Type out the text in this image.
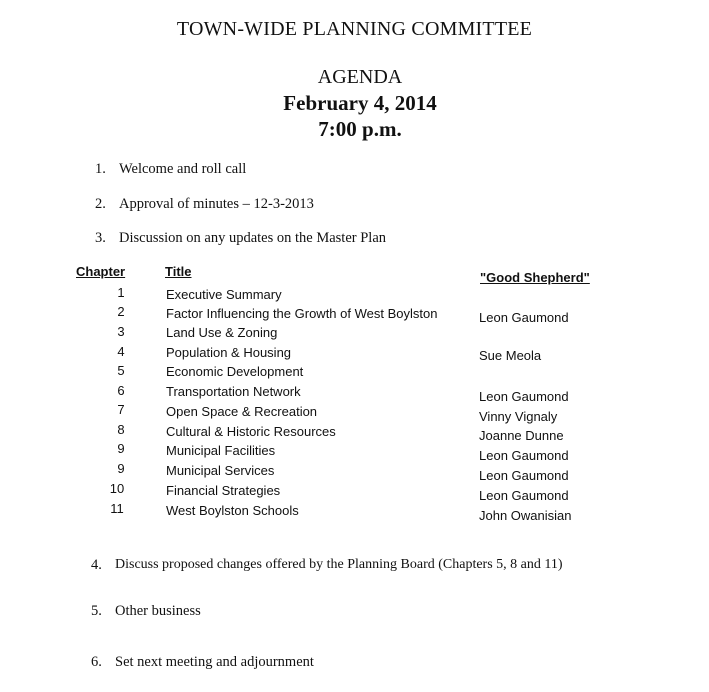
TOWN-WIDE PLANNING COMMITTEE
AGENDA
February 4, 2014
7:00 p.m.
1. Welcome and roll call
2. Approval of minutes – 12-3-2013
3. Discussion on any updates on the Master Plan
Chapter	Title	"Good Shepherd"
1	Executive Summary
2	Factor Influencing the Growth of West Boylston	Leon Gaumond
3	Land Use & Zoning
4	Population & Housing	Sue Meola
5	Economic Development
6	Transportation Network	Leon Gaumond
7	Open Space & Recreation	Vinny Vignaly
8	Cultural & Historic Resources	Joanne Dunne
9	Municipal Facilities	Leon Gaumond
9	Municipal Services	Leon Gaumond
10	Financial Strategies	Leon Gaumond
11	West Boylston Schools	John Owanisian
4. Discuss proposed changes offered by the Planning Board (Chapters 5, 8 and 11)
5. Other business
6. Set next meeting and adjournment
